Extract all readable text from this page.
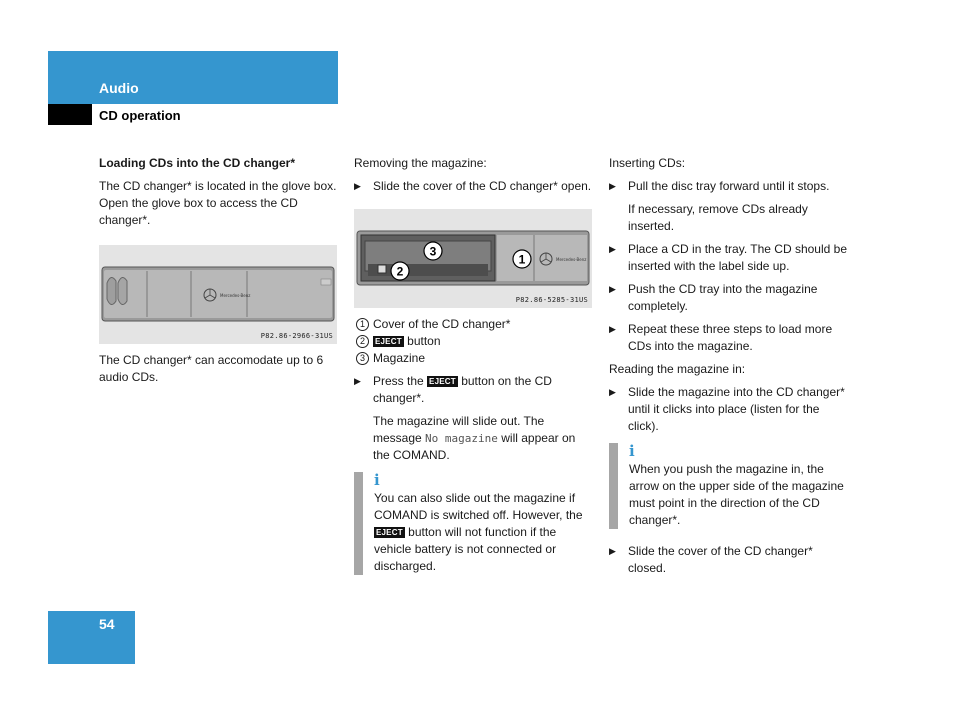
Audio
CD operation

Loading CDs into the CD changer*

The CD changer* is located in the glove box. Open the glove box to access the CD changer*.

Mercedes-Benz
P82.86-2966-31US

The CD changer* can accomodate up to 6 audio CDs.

Removing the magazine:

▶ Slide the cover of the CD changer* open.
Mercedes-Benz
3
2
1
P82.86-5285-31US
1 Cover of the CD changer*
2	EJECT button
3 Magazine
▶ Press the EJECT button on the CD changer*.

The magazine will slide out. The message No magazine will appear on the COMAND.

i
You can also slide out the magazine if COMAND is switched off. However, the EJECT button will not function if the vehicle battery is not connected or discharged.

Inserting CDs:

▶ Pull the disc tray forward until it stops.

If necessary, remove CDs already inserted.

▶ Place a CD in the tray. The CD should be inserted with the label side up.
▶ Push the CD tray into the magazine completely.
▶ Repeat these three steps to load more CDs into the magazine.

Reading the magazine in:

▶ Slide the magazine into the CD changer* until it clicks into place (listen for the click).
i
When you push the magazine in, the arrow on the upper side of the magazine must point in the direction of the CD changer*.
▶ Slide the cover of the CD changer* closed.
54
